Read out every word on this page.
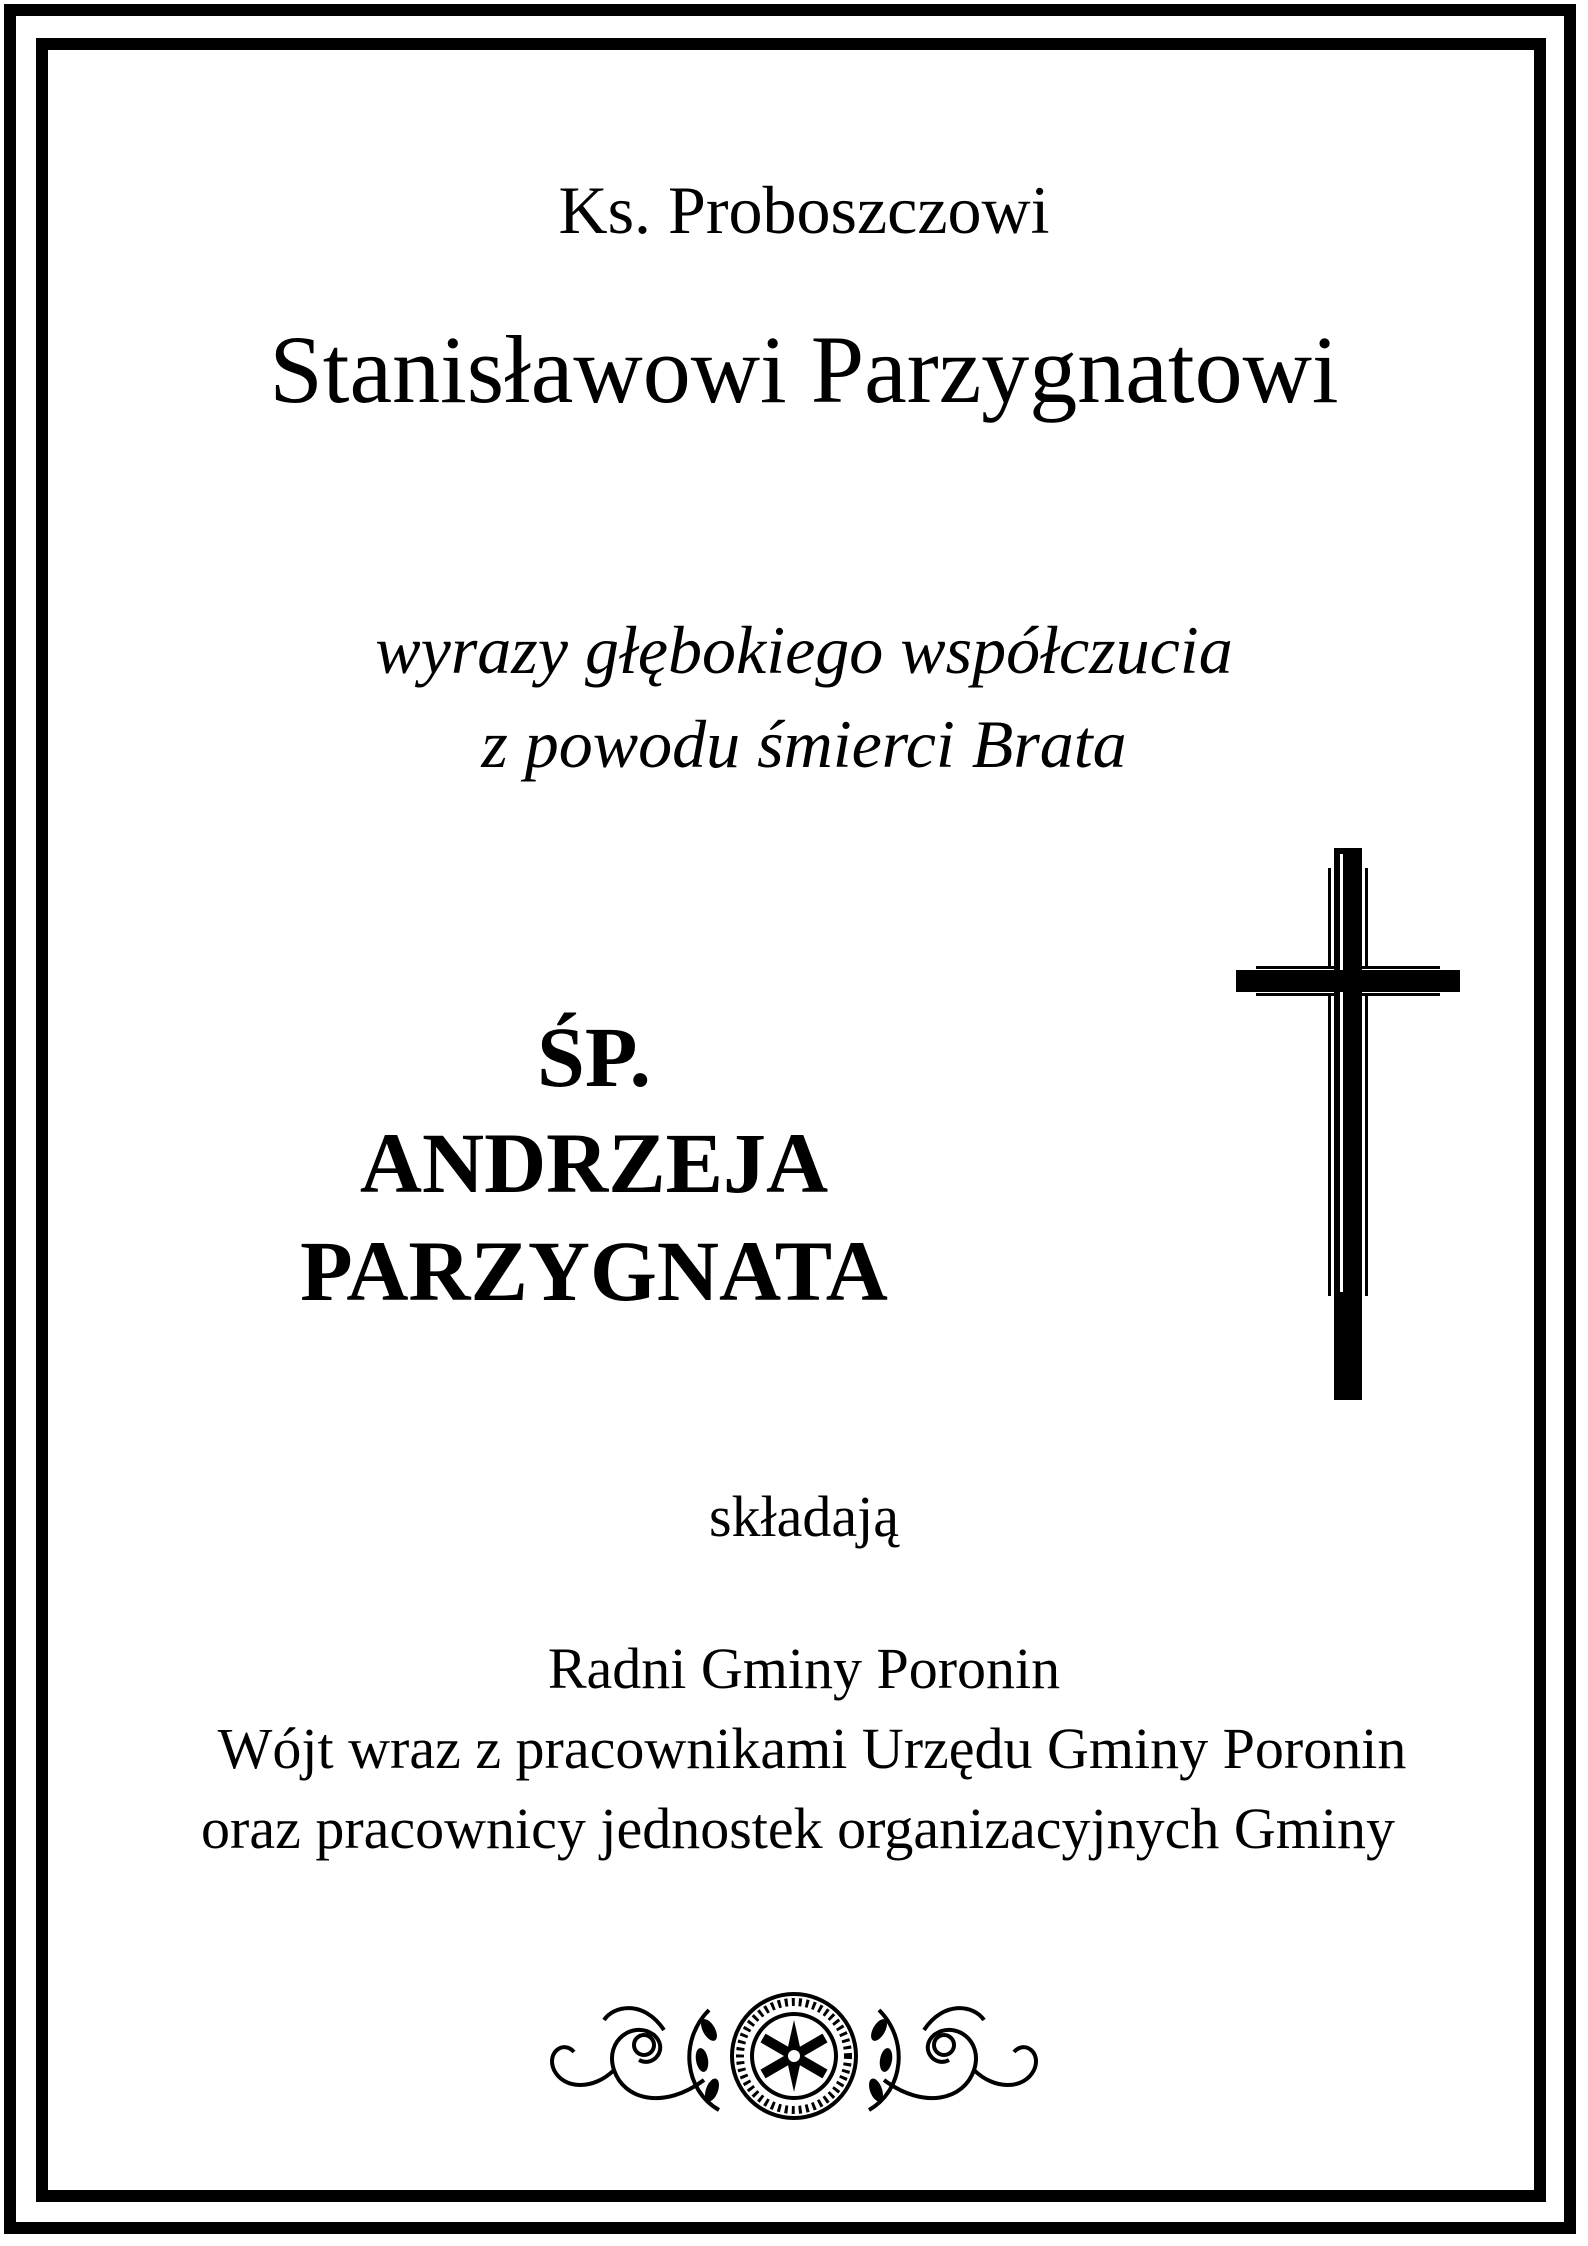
Ks. Proboszczowi
Stanisławowi Parzygnatowi
wyrazy głębokiego współczucia
z powodu śmierci Brata
ŚP.
ANDRZEJA
PARZYGNATA
składają
Radni Gminy Poronin
Wójt wraz z pracownikami Urzędu Gminy Poronin
oraz pracownicy jednostek organizacyjnych Gminy
